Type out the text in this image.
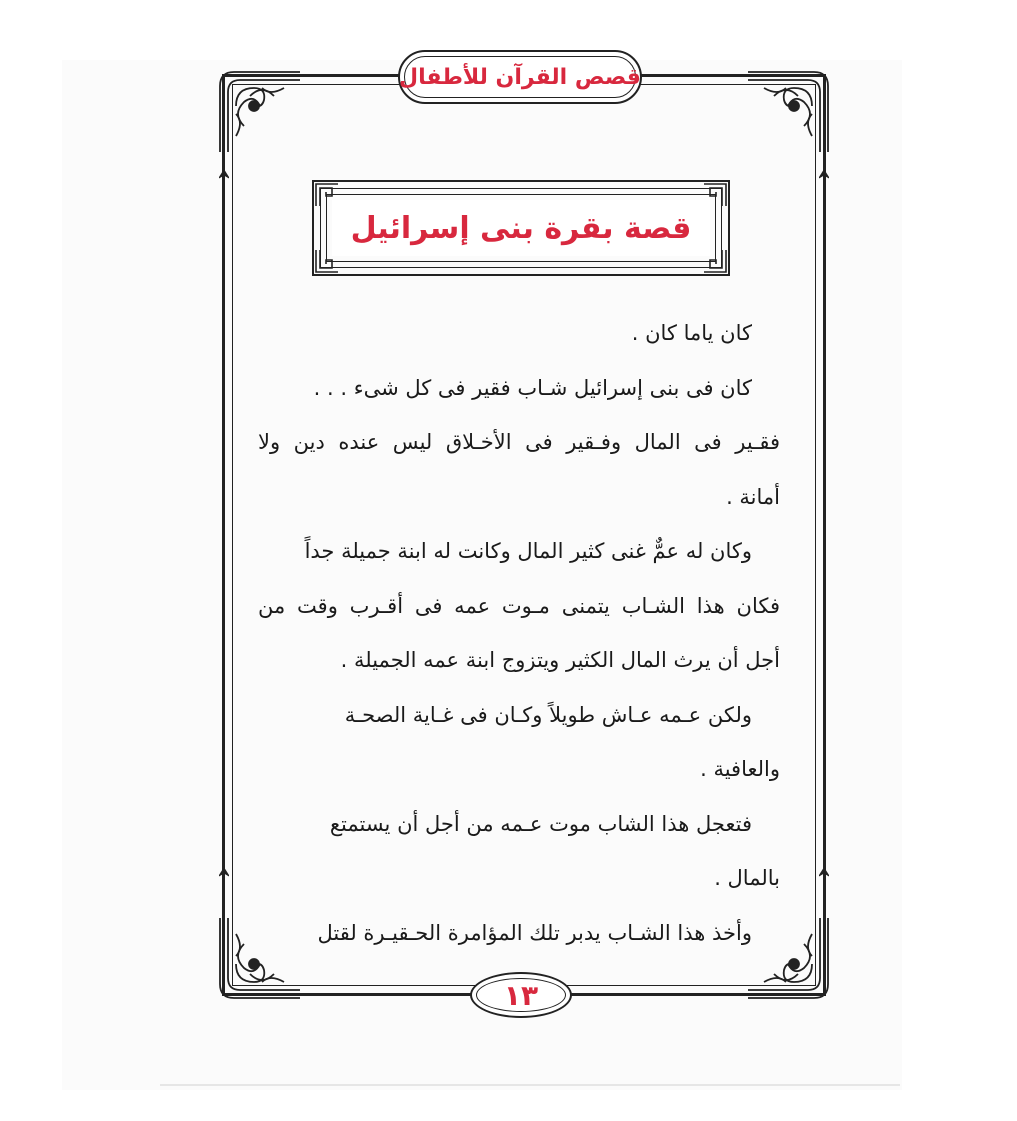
قصص القرآن للأطفال
قصة بقرة بنى إسرائيل
كان ياما كان .
كان فى بنى إسرائيل شـاب فقير فى كل شىء . . .
فقـير فى المال وفـقير فى الأخـلاق ليس عنده دين ولا
أمانة .
وكان له عمٌّ غنى كثير المال وكانت له ابنة جميلة جداً
فكان هذا الشـاب يتمنى مـوت عمه فى أقـرب وقت من
أجل أن يرث المال الكثير ويتزوج ابنة عمه الجميلة .
ولكن عـمه عـاش طويلاً وكـان فى غـاية الصحـة
والعافية .
فتعجل هذا الشاب موت عـمه من أجل أن يستمتع
بالمال .
وأخذ هذا الشـاب يدبر تلك المؤامرة الحـقيـرة لقتل
١٣
